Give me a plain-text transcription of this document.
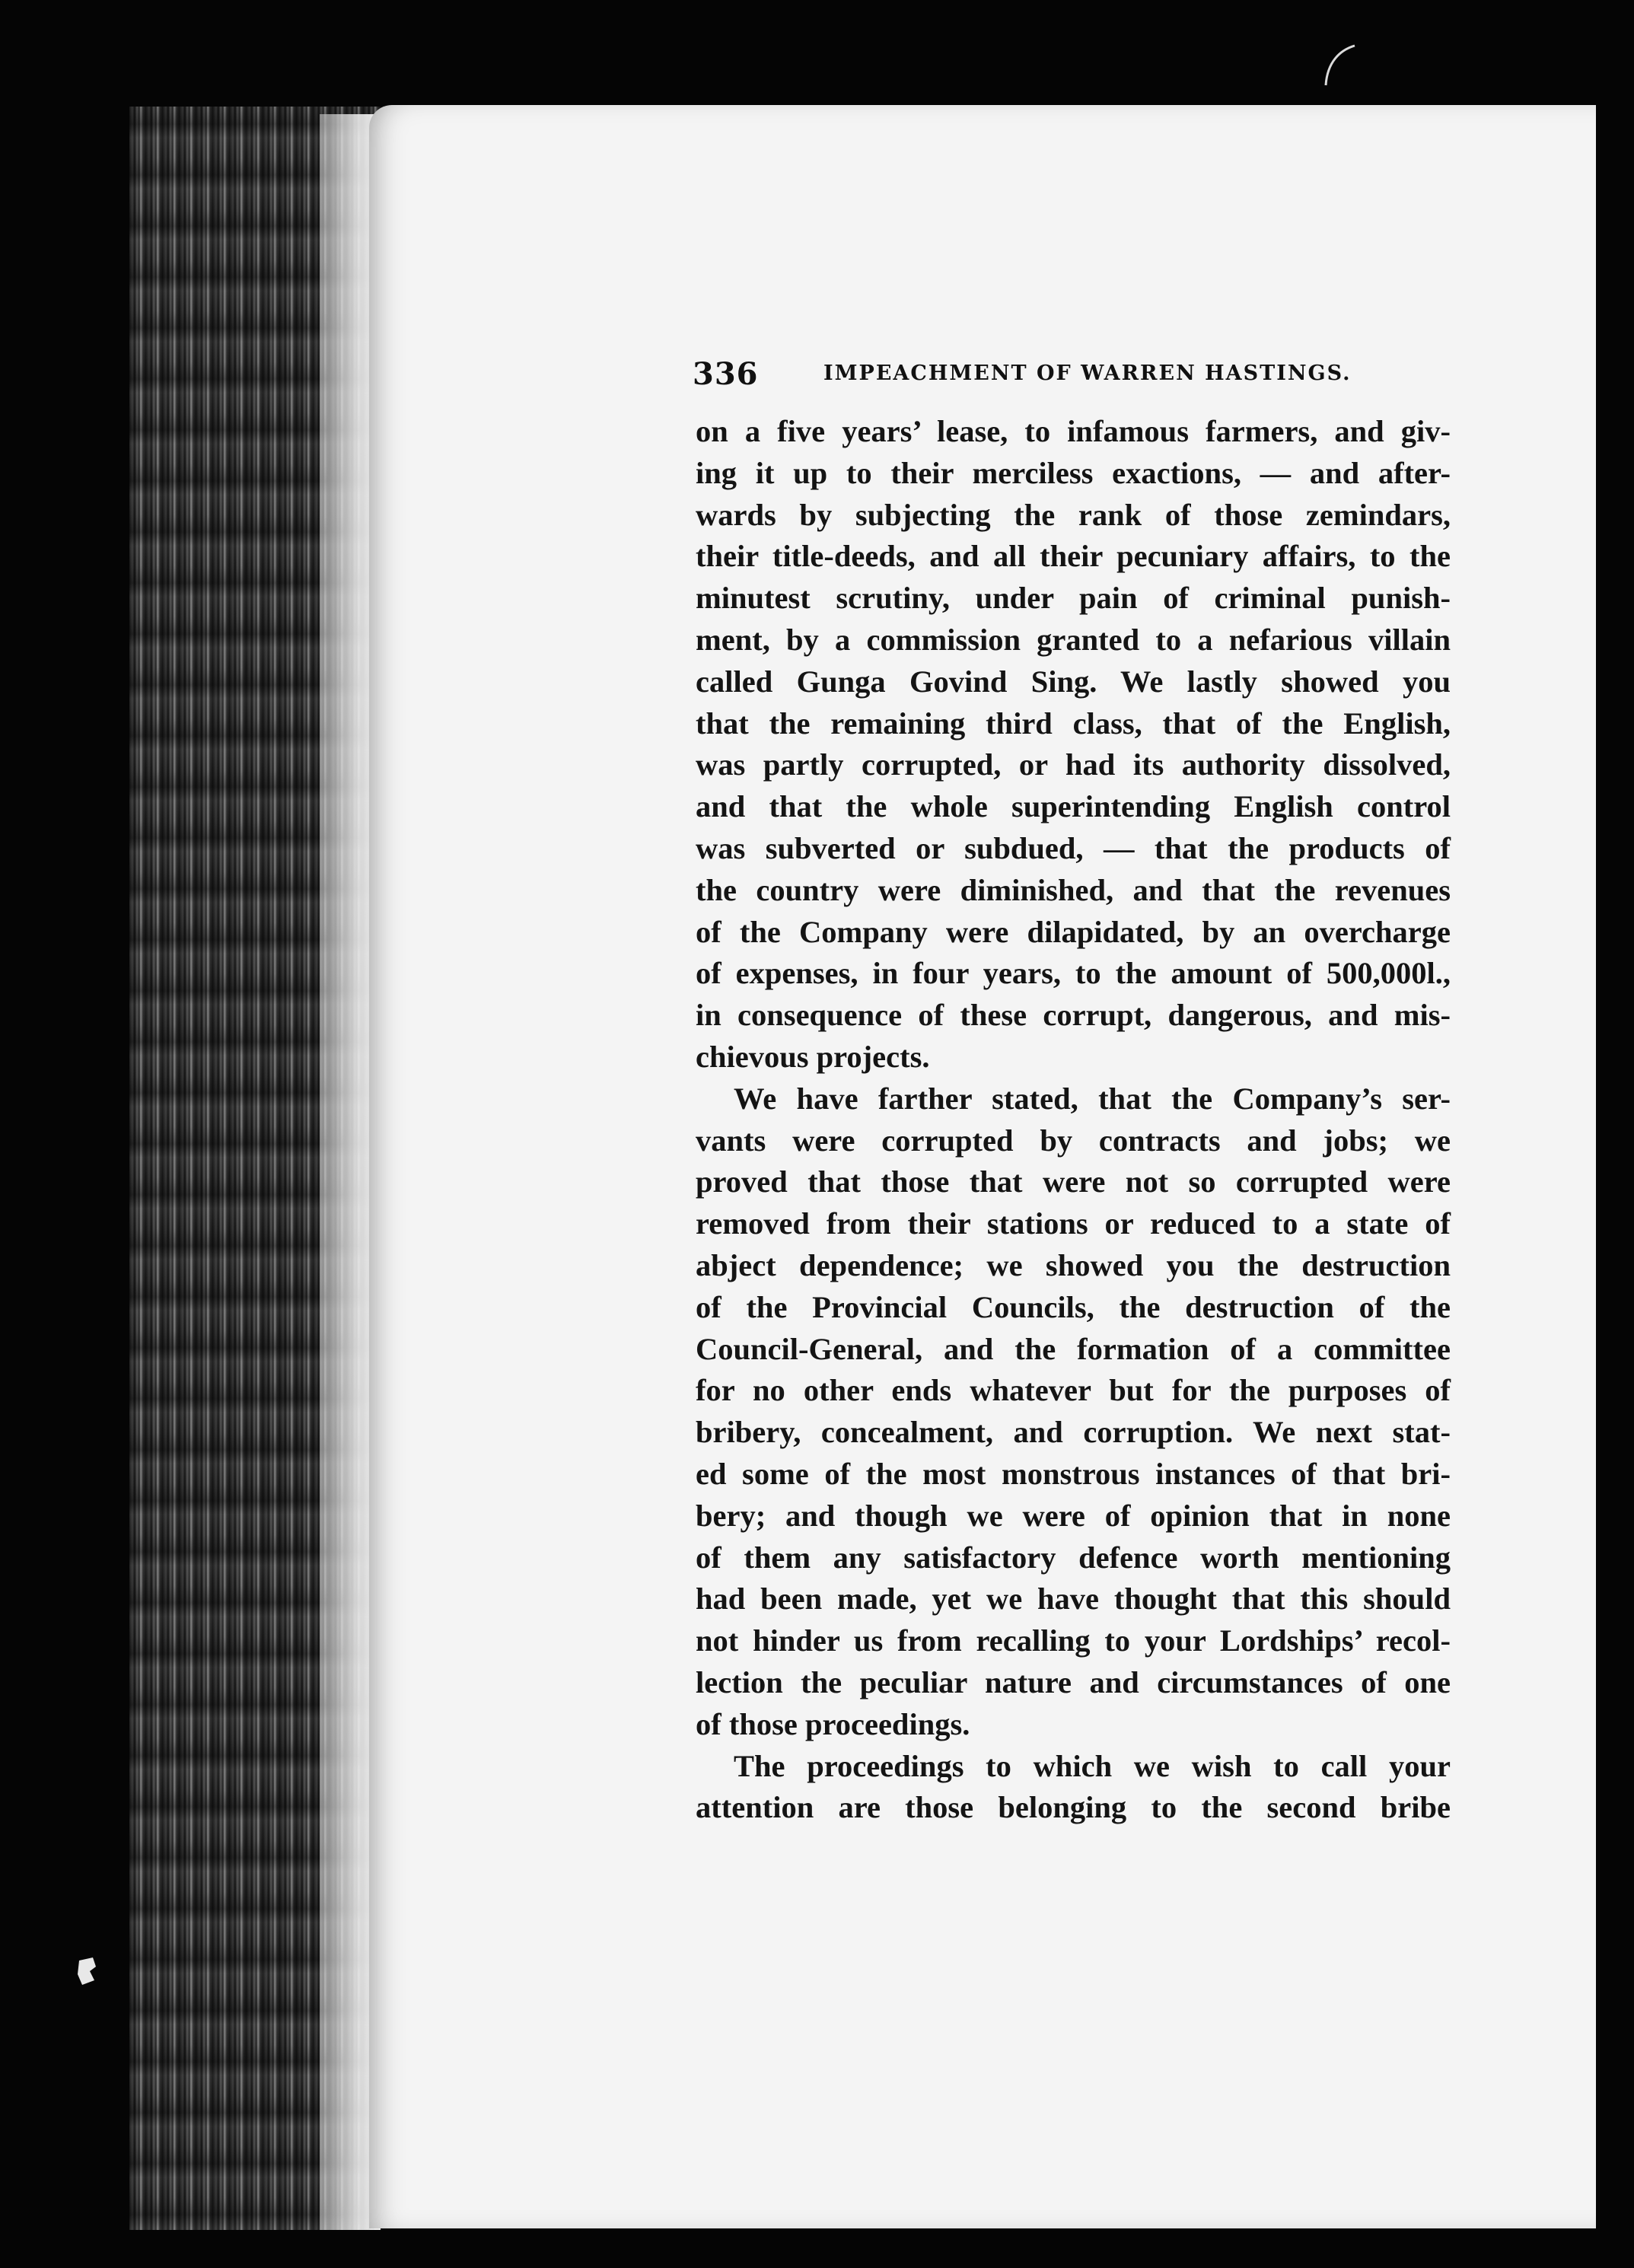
336	IMPEACHMENT OF WARREN HASTINGS.
on a five years’ lease, to infamous farmers, and giv-
ing it up to their merciless exactions, — and after-
wards by subjecting the rank of those zemindars,
their title-deeds, and all their pecuniary affairs, to the
minutest scrutiny, under pain of criminal punish-
ment, by a commission granted to a nefarious villain
called Gunga Govind Sing. We lastly showed you
that the remaining third class, that of the English,
was partly corrupted, or had its authority dissolved,
and that the whole superintending English control
was subverted or subdued, — that the products of
the country were diminished, and that the revenues
of the Company were dilapidated, by an overcharge
of expenses, in four years, to the amount of 500,000l.,
in consequence of these corrupt, dangerous, and mis-
chievous projects.
We have farther stated, that the Company’s ser-
vants were corrupted by contracts and jobs; we
proved that those that were not so corrupted were
removed from their stations or reduced to a state of
abject dependence; we showed you the destruction
of the Provincial Councils, the destruction of the
Council-General, and the formation of a committee
for no other ends whatever but for the purposes of
bribery, concealment, and corruption. We next stat-
ed some of the most monstrous instances of that bri-
bery; and though we were of opinion that in none
of them any satisfactory defence worth mentioning
had been made, yet we have thought that this should
not hinder us from recalling to your Lordships’ recol-
lection the peculiar nature and circumstances of one
of those proceedings.
The proceedings to which we wish to call your
attention are those belonging to the second bribe
